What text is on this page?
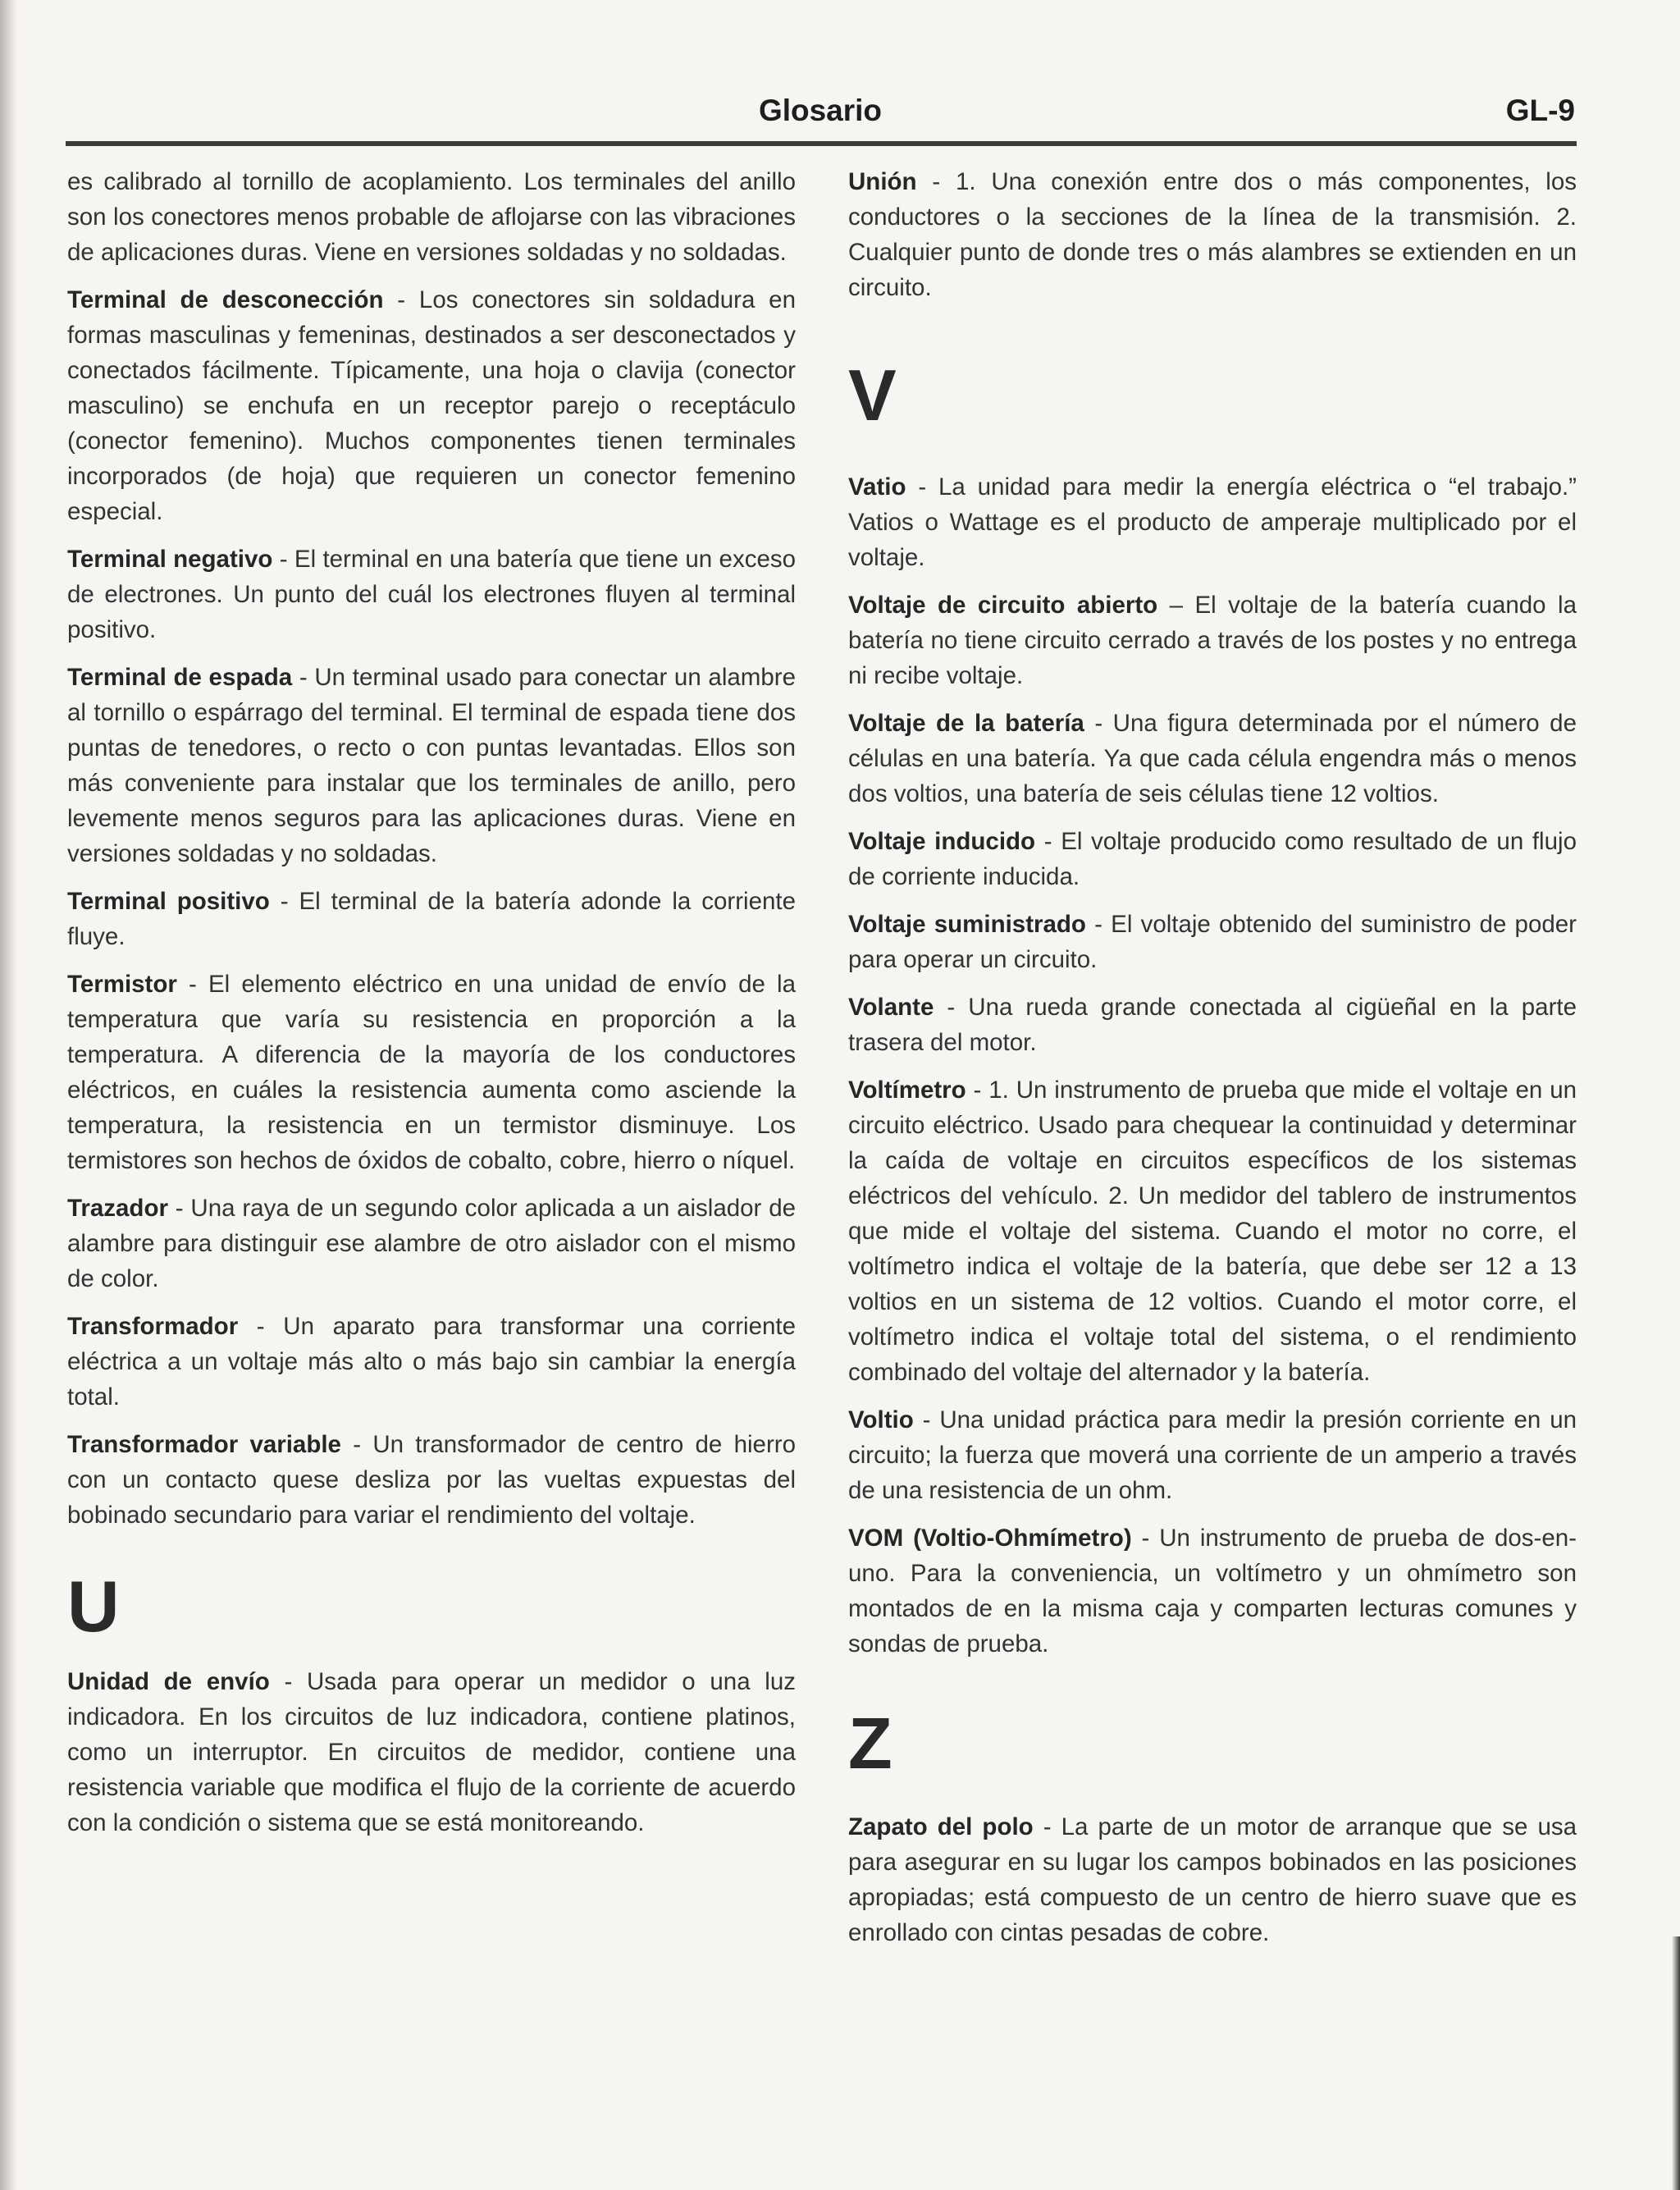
Glosario	GL-9

es calibrado al tornillo de acoplamiento. Los terminales del anillo son los conectores menos probable de aflojarse con las vibraciones de aplicaciones duras. Viene en versiones soldadas y no soldadas.

Terminal de desconección - Los conectores sin soldadura en formas masculinas y femeninas, destinados a ser desconectados y conectados fácilmente. Típicamente, una hoja o clavija (conector masculino) se enchufa en un receptor parejo o receptáculo (conector femenino). Muchos componentes tienen terminales incorporados (de hoja) que requieren un conector femenino especial.

Terminal negativo - El terminal en una batería que tiene un exceso de electrones. Un punto del cuál los electrones fluyen al terminal positivo.

Terminal de espada - Un terminal usado para conectar un alambre al tornillo o espárrago del terminal. El terminal de espada tiene dos puntas de tenedores, o recto o con puntas levantadas. Ellos son más conveniente para instalar que los terminales de anillo, pero levemente menos seguros para las aplicaciones duras. Viene en versiones soldadas y no soldadas.

Terminal positivo - El terminal de la batería adonde la corriente fluye.

Termistor - El elemento eléctrico en una unidad de envío de la temperatura que varía su resistencia en proporción a la temperatura. A diferencia de la mayoría de los conductores eléctricos, en cuáles la resistencia aumenta como asciende la temperatura, la resistencia en un termistor disminuye. Los termistores son hechos de óxidos de cobalto, cobre, hierro o níquel.

Trazador - Una raya de un segundo color aplicada a un aislador de alambre para distinguir ese alambre de otro aislador con el mismo de color.

Transformador - Un aparato para transformar una corriente eléctrica a un voltaje más alto o más bajo sin cambiar la energía total.

Transformador variable - Un transformador de centro de hierro con un contacto quese desliza por las vueltas expuestas del bobinado secundario para variar el rendimiento del voltaje.

U

Unidad de envío - Usada para operar un medidor o una luz indicadora. En los circuitos de luz indicadora, contiene platinos, como un interruptor. En circuitos de medidor, contiene una resistencia variable que modifica el flujo de la corriente de acuerdo con la condición o sistema que se está monitoreando.

Unión - 1. Una conexión entre dos o más componentes, los conductores o la secciones de la línea de la transmisión. 2. Cualquier punto de donde tres o más alambres se extienden en un circuito.

V

Vatio - La unidad para medir la energía eléctrica o “el trabajo.” Vatios o Wattage es el producto de amperaje multiplicado por el voltaje.

Voltaje de circuito abierto – El voltaje de la batería cuando la batería no tiene circuito cerrado a través de los postes y no entrega ni recibe voltaje.

Voltaje de la batería - Una figura determinada por el número de células en una batería. Ya que cada célula engendra más o menos dos voltios, una batería de seis células tiene 12 voltios.

Voltaje inducido - El voltaje producido como resultado de un flujo de corriente inducida.

Voltaje suministrado - El voltaje obtenido del suministro de poder para operar un circuito.

Volante - Una rueda grande conectada al cigüeñal en la parte trasera del motor.

Voltímetro - 1. Un instrumento de prueba que mide el voltaje en un circuito eléctrico. Usado para chequear la continuidad y determinar la caída de voltaje en circuitos específicos de los sistemas eléctricos del vehículo. 2. Un medidor del tablero de instrumentos que mide el voltaje del sistema. Cuando el motor no corre, el voltímetro indica el voltaje de la batería, que debe ser 12 a 13 voltios en un sistema de 12 voltios. Cuando el motor corre, el voltímetro indica el voltaje total del sistema, o el rendimiento combinado del voltaje del alternador y la batería.

Voltio - Una unidad práctica para medir la presión corriente en un circuito; la fuerza que moverá una corriente de un amperio a través de una resistencia de un ohm.

VOM (Voltio-Ohmímetro) - Un instrumento de prueba de dos-en-uno. Para la conveniencia, un voltímetro y un ohmímetro son montados de en la misma caja y comparten lecturas comunes y sondas de prueba.

Z

Zapato del polo - La parte de un motor de arranque que se usa para asegurar en su lugar los campos bobinados en las posiciones apropiadas; está compuesto de un centro de hierro suave que es enrollado con cintas pesadas de cobre.
